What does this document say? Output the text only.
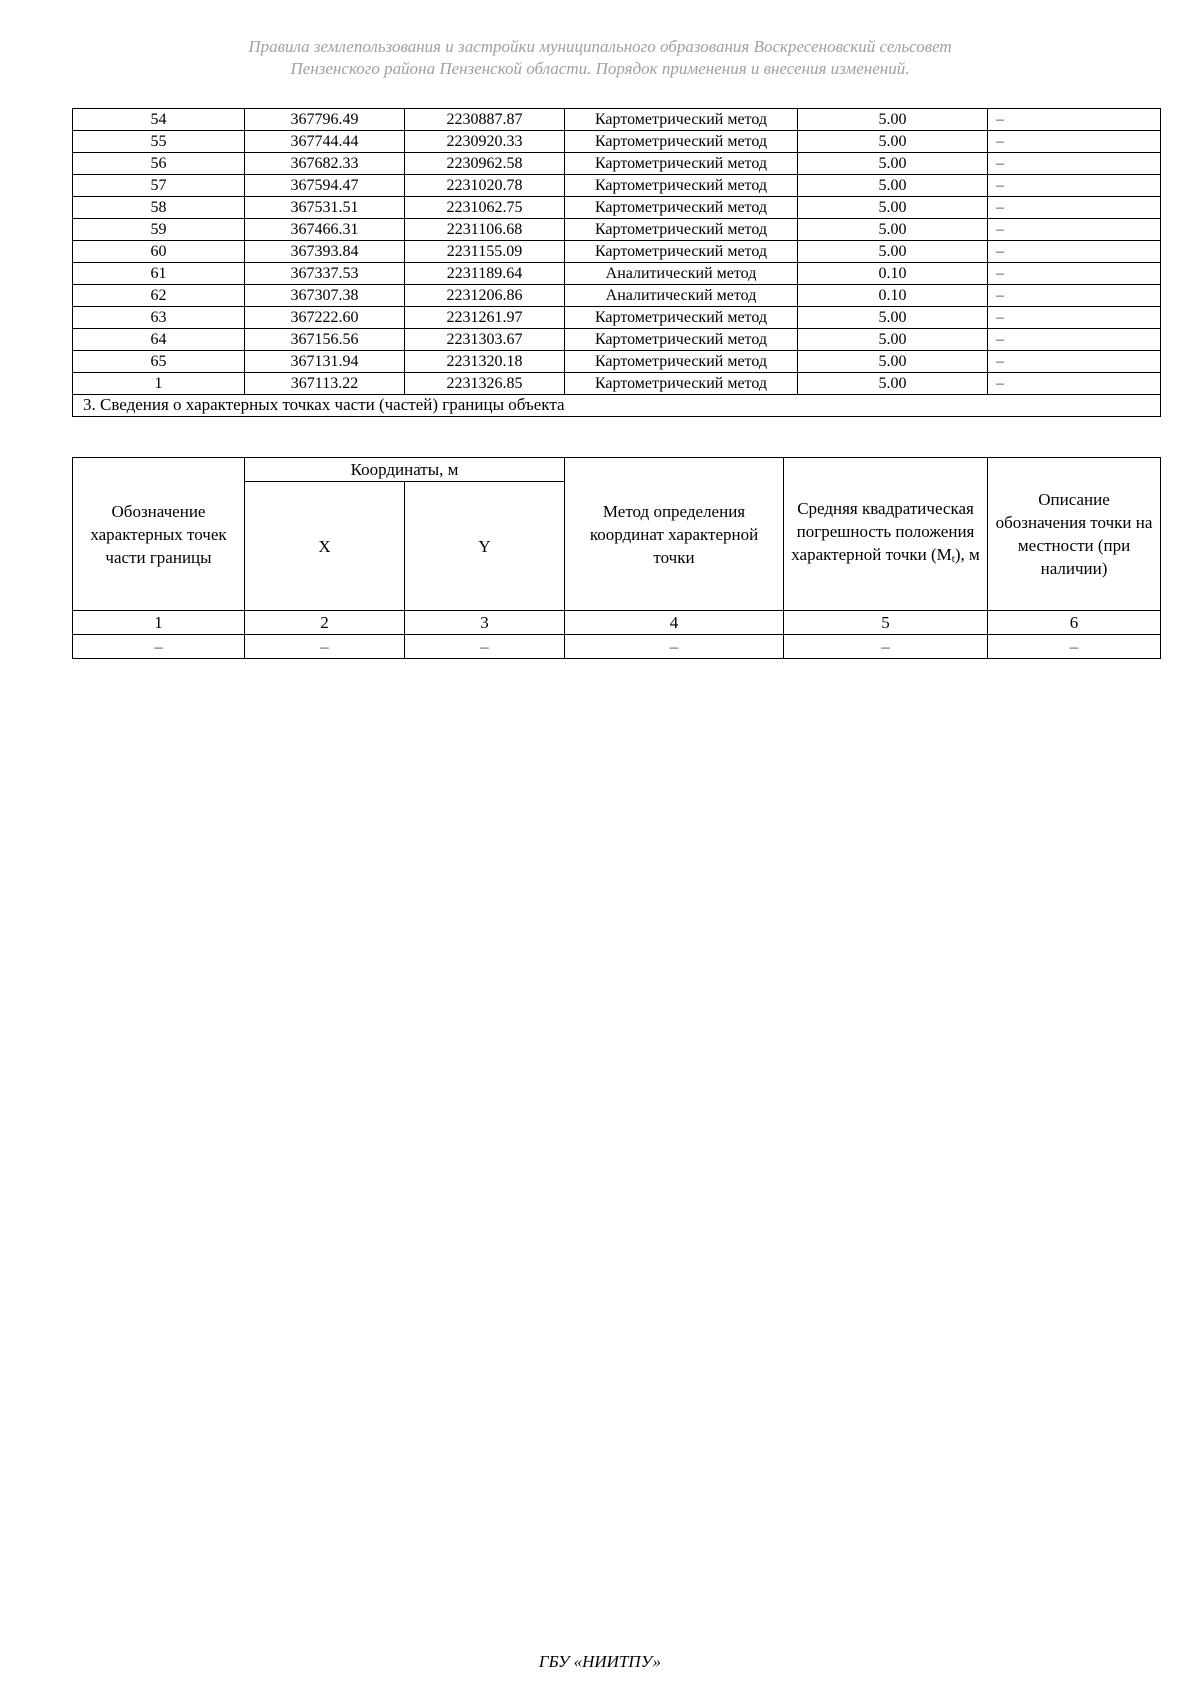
Правила землепользования и застройки муниципального образования Воскресеновский сельсовет
Пензенского района Пензенской области. Порядок применения и внесения изменений.
54	367796.49	2230887.87	Картометрический метод	5.00	–
55	367744.44	2230920.33	Картометрический метод	5.00	–
56	367682.33	2230962.58	Картометрический метод	5.00	–
57	367594.47	2231020.78	Картометрический метод	5.00	–
58	367531.51	2231062.75	Картометрический метод	5.00	–
59	367466.31	2231106.68	Картометрический метод	5.00	–
60	367393.84	2231155.09	Картометрический метод	5.00	–
61	367337.53	2231189.64	Аналитический метод	0.10	–
62	367307.38	2231206.86	Аналитический метод	0.10	–
63	367222.60	2231261.97	Картометрический метод	5.00	–
64	367156.56	2231303.67	Картометрический метод	5.00	–
65	367131.94	2231320.18	Картометрический метод	5.00	–
1	367113.22	2231326.85	Картометрический метод	5.00	–
3. Сведения о характерных точках части (частей) границы объекта					
Обозначение характерных точек части границы	Координаты, м		Метод определения координат характерной точки	Средняя квадратическая погрешность положения характерной точки (Mt), м	Описание обозначения точки на местности (при наличии)
	X	Y			
1	2	3	4	5	6
–	–	–	–	–	–
ГБУ «НИИТПУ»
